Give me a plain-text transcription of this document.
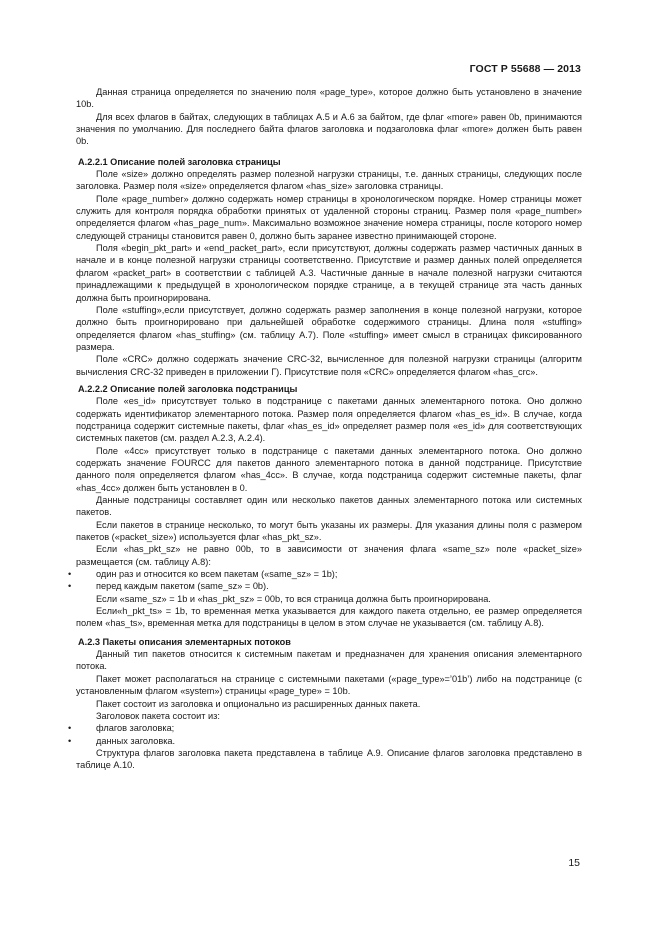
ГОСТ Р 55688 — 2013

Данная страница определяется по значению поля «page_type», которое должно быть установлено в значение 10b.

Для всех флагов в байтах, следующих в таблицах А.5 и А.6 за байтом, где флаг «more» равен 0b, принимаются значения по умолчанию. Для последнего байта флагов заголовка и подзаголовка флаг «more» должен быть равен 0b.

А.2.2.1 Описание полей заголовка страницы

Поле «size» должно определять размер полезной нагрузки страницы, т.е. данных страницы, следующих после заголовка. Размер поля «size» определяется флагом «has_size» заголовка страницы.

Поле «page_number» должно содержать номер страницы в хронологическом порядке. Номер страницы может служить для контроля порядка обработки принятых от удаленной стороны страниц. Размер поля «page_number» определяется флагом «has_page_num». Максимально возможное значение номера страницы, после которого номер следующей страницы становится равен 0, должно быть заранее известно принимающей стороне.

Поля «begin_pkt_part» и «end_packet_part», если присутствуют, должны содержать размер частичных данных в начале и в конце полезной нагрузки страницы соответственно. Присутствие и размер данных полей определяется флагом «packet_part» в соответствии с таблицей А.3. Частичные данные в начале полезной нагрузки считаются принадлежащими к предыдущей в хронологическом порядке странице, а в текущей странице эта часть данных должна быть проигнорирована.

Поле «stuffing»,если присутствует, должно содержать размер заполнения в конце полезной нагрузки, которое должно быть проигнорировано при дальнейшей обработке содержимого страницы. Длина поля «stuffing» определяется флагом «has_stuffing» (см. таблицу А.7). Поле «stuffing» имеет смысл в страницах фиксированного размера.

Поле «CRC» должно содержать значение CRC-32, вычисленное для полезной нагрузки страницы (алгоритм вычисления CRC-32 приведен в приложении Г). Присутствие поля «CRC» определяется флагом «has_crc».

А.2.2.2 Описание полей заголовка подстраницы

Поле «es_id» присутствует только в подстранице с пакетами данных элементарного потока. Оно должно содержать идентификатор элементарного потока. Размер поля определяется флагом «has_es_id». В случае, когда подстраница содержит системные пакеты, флаг «has_es_id» определяет размер поля «es_id» для соответствующих системных пакетов (см. раздел А.2.3, А.2.4).

Поле «4cc» присутствует только в подстранице с пакетами данных элементарного потока. Оно должно содержать значение FOURCC для пакетов данного элементарного потока в данной подстранице. Присутствие данного поля определяется флагом «has_4cc». В случае, когда подстраница содержит системные пакеты, флаг «has_4cc» должен быть установлен в 0.

Данные подстраницы составляет один или несколько пакетов данных элементарного потока или системных пакетов.

Если пакетов в странице несколько, то могут быть указаны их размеры. Для указания длины поля с размером пакетов («packet_size») используется флаг «has_pkt_sz».

Если «has_pkt_sz» не равно 00b, то в зависимости от значения флага «same_sz» поле «packet_size» размещается (см. таблицу А.8):

• один раз и относится ко всем пакетам («same_sz» = 1b);
• перед каждым пакетом (same_sz» = 0b).

Если «same_sz» = 1b и «has_pkt_sz» = 00b, то вся страница должна быть проигнорирована.

Если«h_pkt_ts» = 1b, то временная метка указывается для каждого пакета отдельно, ее размер определяется полем «has_ts», временная метка для подстраницы в целом в этом случае не указывается (см. таблицу А.8).

А.2.3 Пакеты описания элементарных потоков

Данный тип пакетов относится к системным пакетам и предназначен для хранения описания элементарного потока.

Пакет может располагаться на странице с системными пакетами («page_type»=’01b’) либо на подстранице (с установленным флагом «system») страницы «page_type» = 10b.

Пакет состоит из заголовка и опционально из расширенных данных пакета.

Заголовок пакета состоит из:

• флагов заголовка;
• данных заголовка.

Структура флагов заголовка пакета представлена в таблице А.9. Описание флагов заголовка представлено в таблице А.10.

15
